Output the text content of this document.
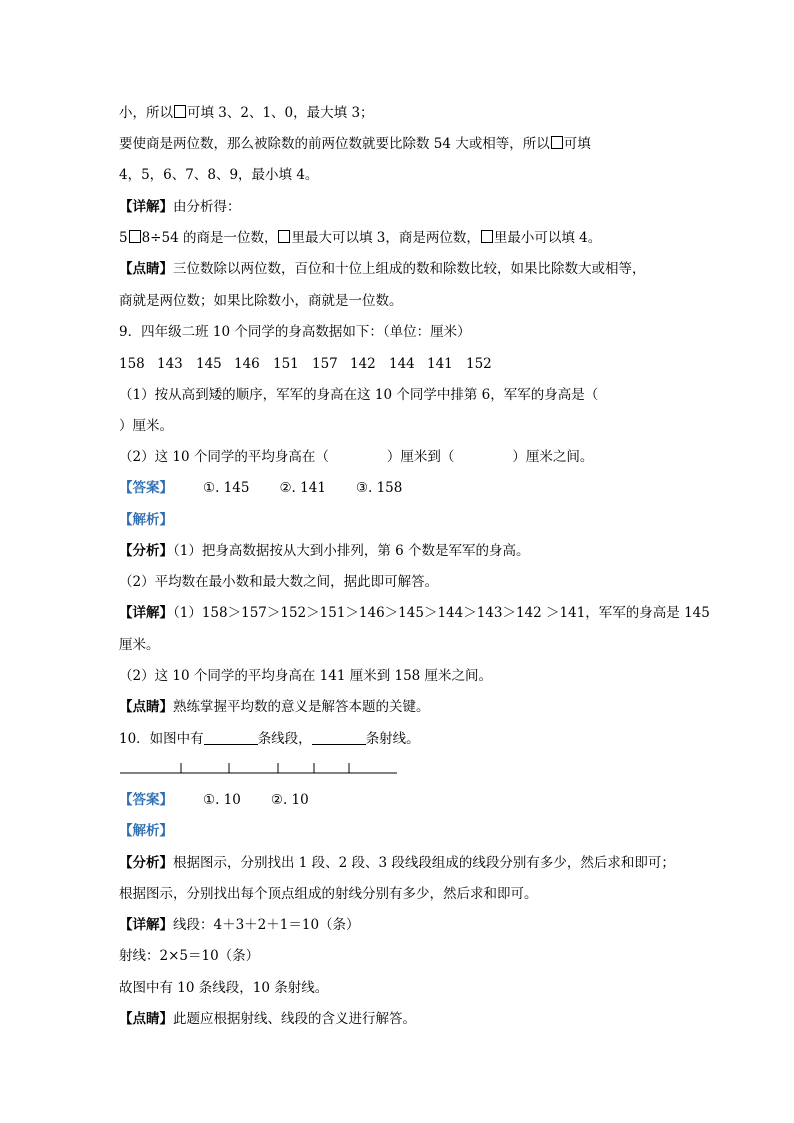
小，所以 可填 3、2、1、0，最大填 3；
要使商是两位数，那么被除数的前两位数就要比除数 54 大或相等，所以 可填
4，5，6、7、8、9，最小填 4。
【详解】由分析得：
5 8÷54 的商是一位数， 里最大可以填 3，商是两位数， 里最小可以填 4。
【点睛】三位数除以两位数，百位和十位上组成的数和除数比较，如果比除数大或相等，
商就是两位数；如果比除数小，商就是一位数。
9．四年级二班 10 个同学的身高数据如下：（单位：厘米）
158 143 145 146 151 157 142 144 141 152
（1）按从高到矮的顺序，军军的身高在这 10 个同学中排第 6，军军的身高是（
）厘米。
（2）这 10 个同学的平均身高在（	）厘米到（	）厘米之间。
【答案】 ①. 145 ②. 141 ③. 158
【解析】
【分析】（1）把身高数据按从大到小排列，第 6 个数是军军的身高。
（2）平均数在最小数和最大数之间，据此即可解答。
【详解】（1）158＞157＞152＞151＞146＞145＞144＞143＞142 ＞141，军军的身高是 145
厘米。
（2）这 10 个同学的平均身高在 141 厘米到 158 厘米之间。
【点睛】熟练掌握平均数的意义是解答本题的关键。
10．如图中有	条线段，	条射线。
【答案】 ①. 10 ②. 10
【解析】
【分析】根据图示，分别找出 1 段、2 段、3 段线段组成的线段分别有多少，然后求和即可；
根据图示，分别找出每个顶点组成的射线分别有多少，然后求和即可。
【详解】线段：4＋3＋2＋1＝10（条）
射线：2×5＝10（条）
故图中有 10 条线段，10 条射线。
【点睛】此题应根据射线、线段的含义进行解答。
